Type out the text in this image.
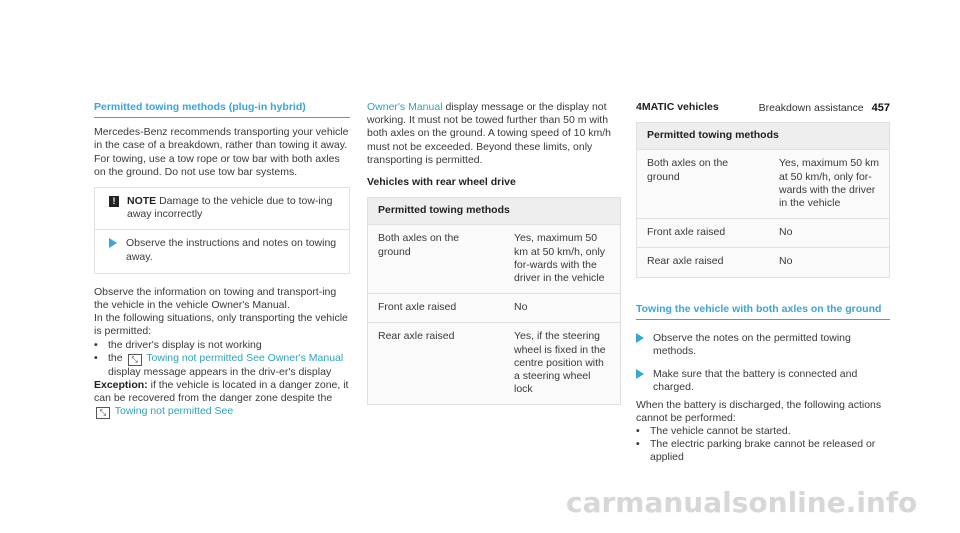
Breakdown assistance 457
Permitted towing methods (plug-in hybrid)

Mercedes-Benz recommends transporting your vehicle in the case of a breakdown, rather than towing it away.

For towing, use a tow rope or tow bar with both axles on the ground. Do not use tow bar systems.

!	NOTE Damage to the vehicle due to tow-ing away incorrectly
Observe the instructions and notes on towing away.

Observe the information on towing and transport-ing the vehicle in the vehicle Owner's Manual.

In the following situations, only transporting the vehicle is permitted:

• the driver's display is not working
• the ⤡ Towing not permitted See Owner's Manual display message appears in the driv-er's display

Exception: if the vehicle is located in a danger zone, it can be recovered from the danger zone despite the ⤡ Towing not permitted See

Owner's Manual display message or the display not working. It must not be towed further than 50 m with both axles on the ground. A towing speed of 10 km/h must not be exceeded. Beyond these limits, only transporting is permitted.

Vehicles with rear wheel drive
Permitted towing methods	
Both axles on the ground	Yes, maximum 50 km at 50 km/h, only for-wards with the driver in the vehicle
Front axle raised	No
Rear axle raised	Yes, if the steering wheel is fixed in the centre position with a steering wheel lock
4MATIC vehicles
Permitted towing methods	
Both axles on the ground	Yes, maximum 50 km at 50 km/h, only for-wards with the driver in the vehicle
Front axle raised	No
Rear axle raised	No
Towing the vehicle with both axles on the ground
Observe the notes on the permitted towing methods.
Make sure that the battery is connected and charged.

When the battery is discharged, the following actions cannot be performed:

• The vehicle cannot be started.
• The electric parking brake cannot be released or applied
carmanualsonline.info
